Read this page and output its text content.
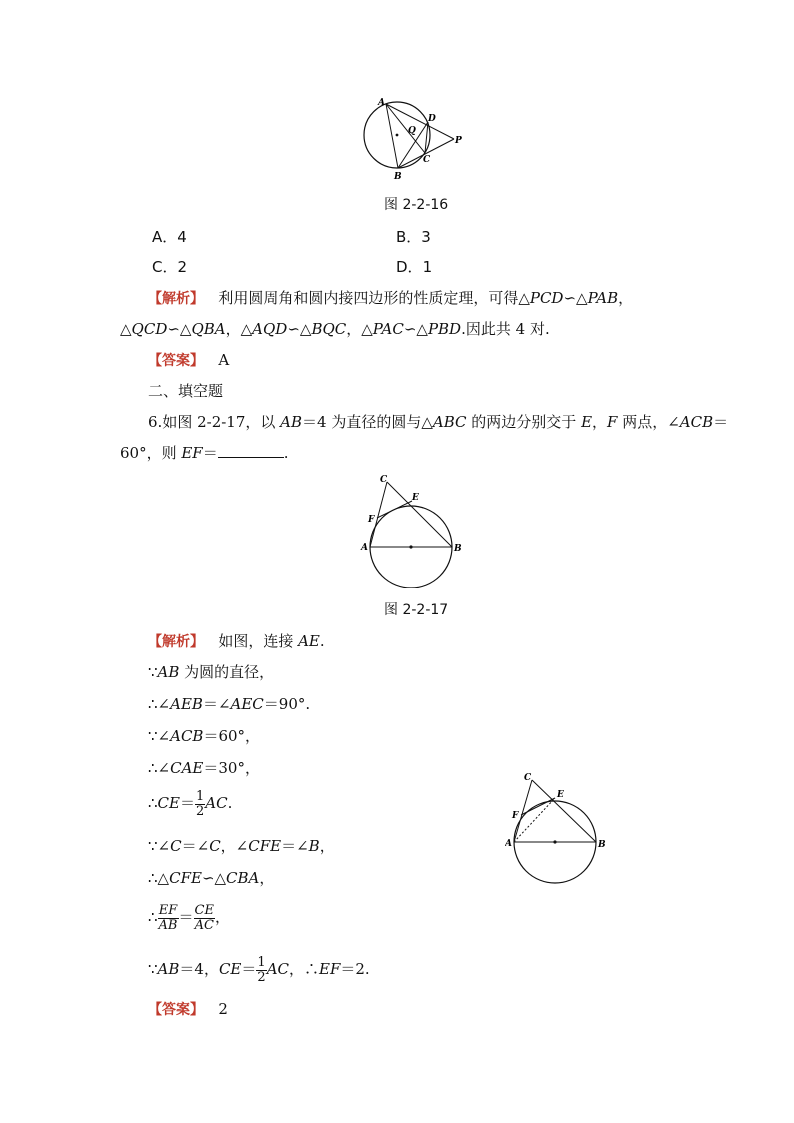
A
B
C
D
P
Q
图 2-2-16
A．4	B．3
C．2	D．1
【解析】 利用圆周角和圆内接四边形的性质定理，可得△PCD∽△PAB，
△QCD∽△QBA，△AQD∽△BQC，△PAC∽△PBD.因此共 4 对.
【答案】 A
二、填空题
6.如图 2-2-17，以 AB＝4 为直径的圆与△ABC 的两边分别交于 E，F 两点，∠ACB＝
60°，则 EF＝	.
A	B
C
E
F
图 2-2-17
【解析】 如图，连接 AE.
∵AB 为圆的直径，
∴∠AEB＝∠AEC＝90°.
∵∠ACB＝60°，
∴∠CAE＝30°，
∴CE＝ $\frac{1}{2}$ AC.
∵∠C＝∠C，∠CFE＝∠B，
∴△CFE∽△CBA，
∴ $\frac{EF}{AB} = \frac{CE}{AC}$ ，
∵AB＝4，$CE= \frac{1}{2}$ AC，∴EF＝2.
A	B
C
E
F
【答案】 2
